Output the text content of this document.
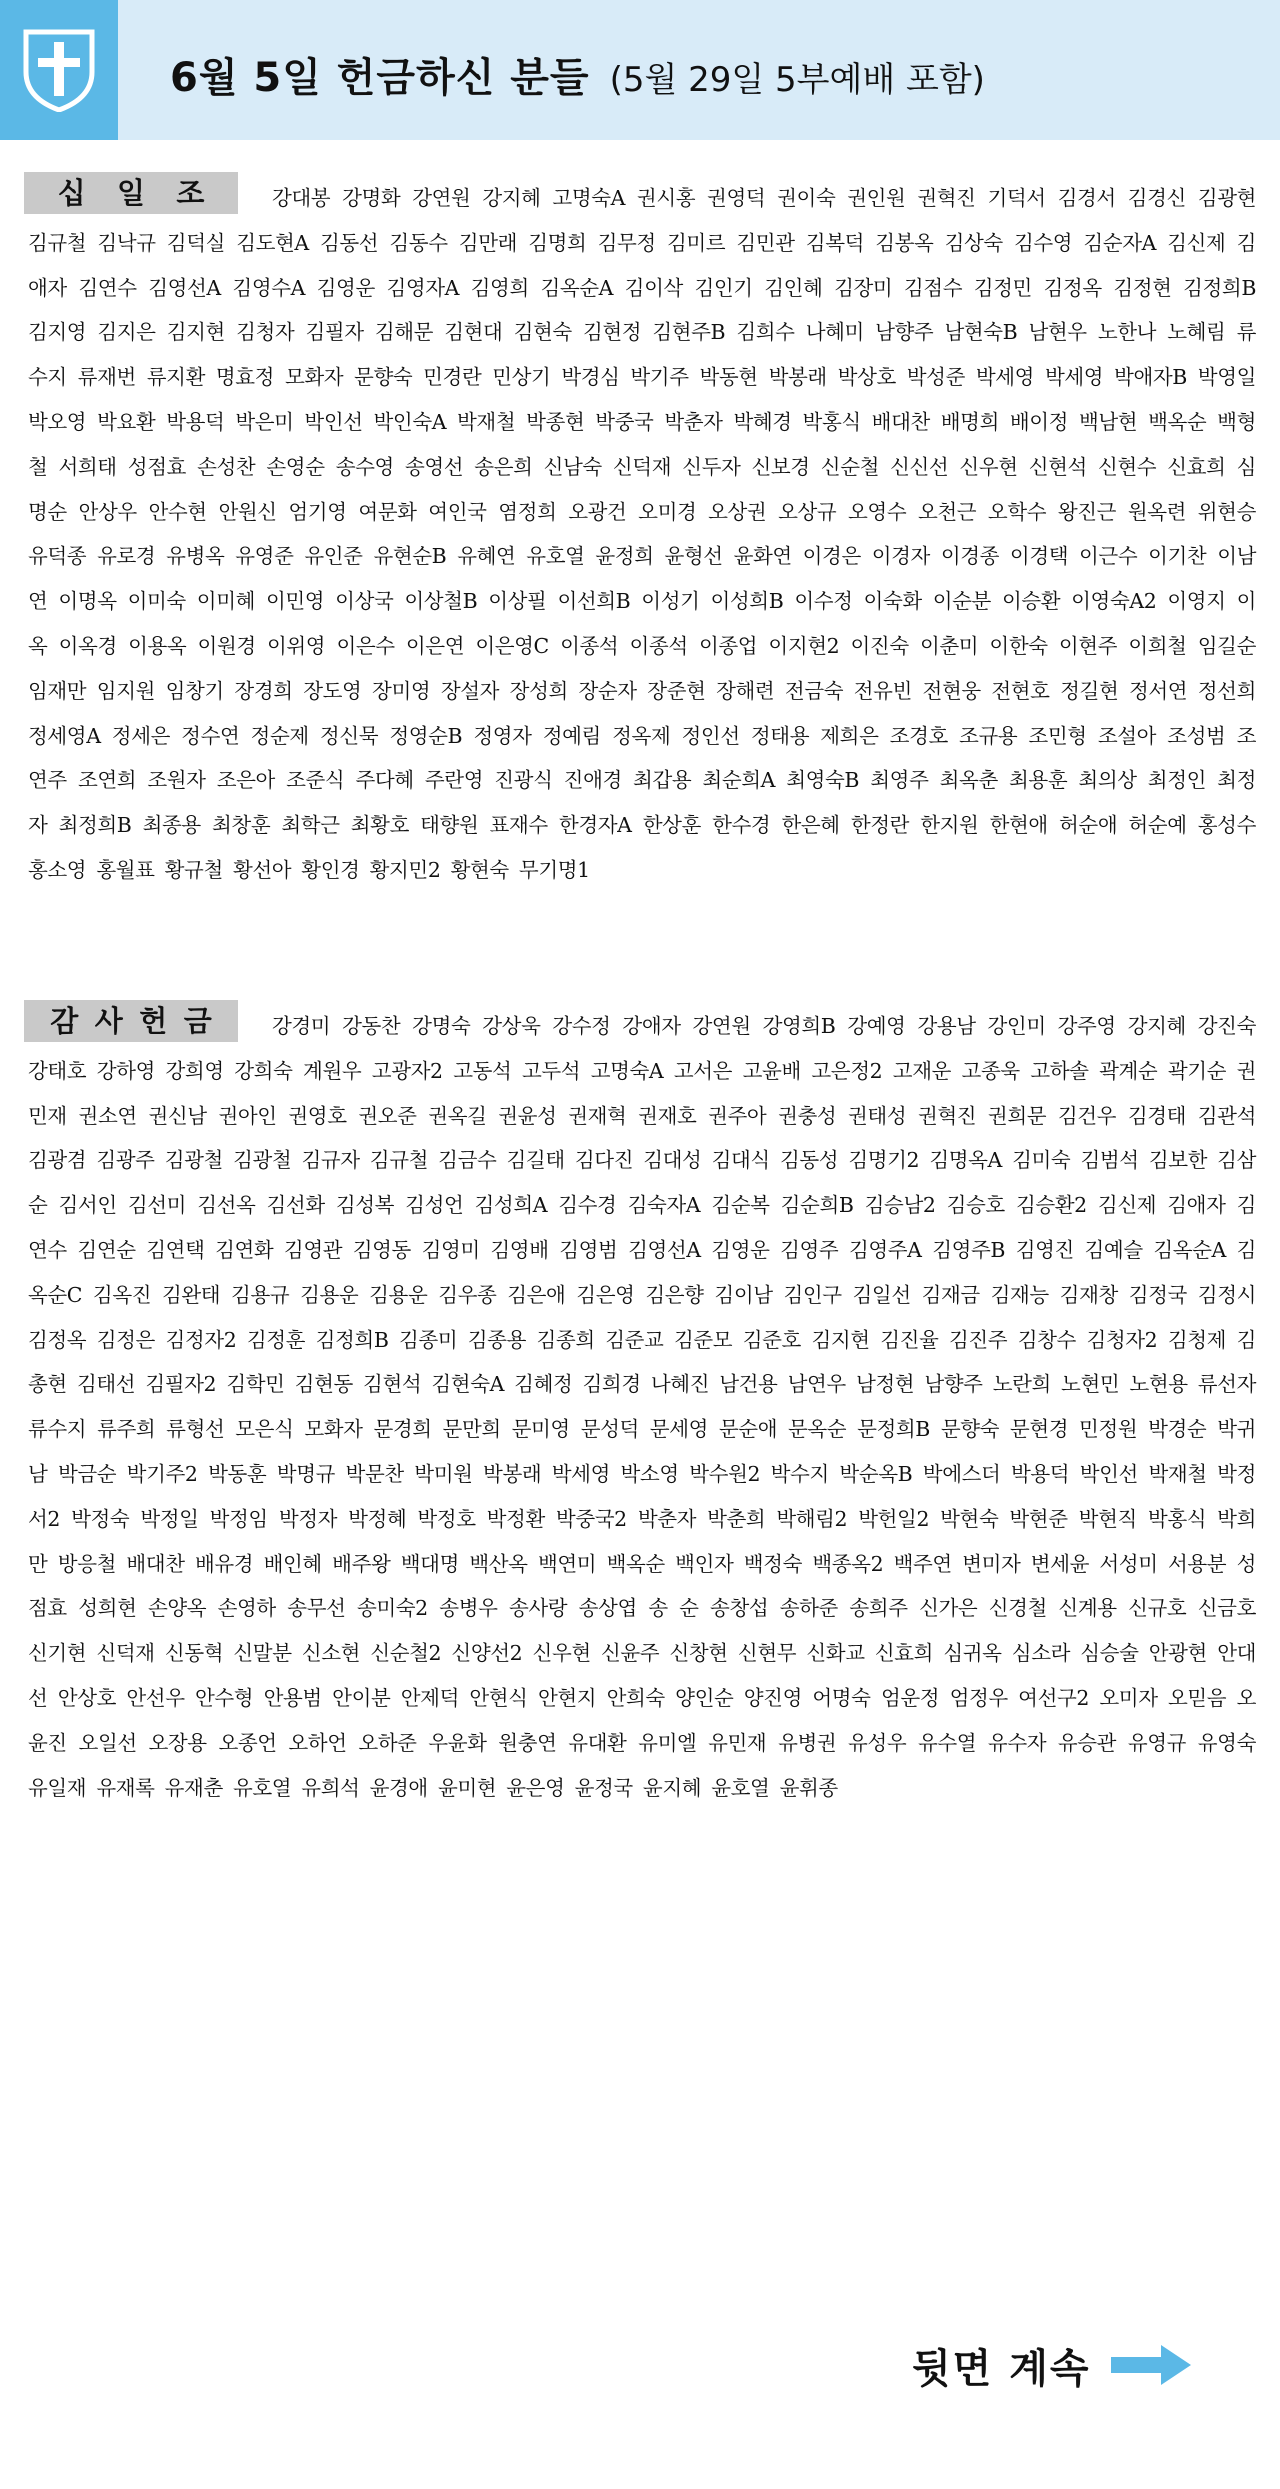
6월 5일 헌금하신 분들 (5월 29일 5부예배 포함)
십 일 조	강대봉 강명화 강연원 강지혜 고명숙A 권시홍 권영덕 권이숙 권인원 권혁진 기덕서 김경서 김경신 김광현 김규철 김낙규 김덕실 김도현A 김동선 김동수 김만래 김명희 김무정 김미르 김민관 김복덕 김봉옥 김상숙 김수영 김순자A 김신제 김애자 김연수 김영선A 김영수A 김영운 김영자A 김영희 김옥순A 김이삭 김인기 김인혜 김장미 김점수 김정민 김정옥 김정현 김정희B 김지영 김지은 김지현 김청자 김필자 김해문 김현대 김현숙 김현정 김현주B 김희수 나혜미 남향주 남현숙B 남현우 노한나 노혜림 류수지 류재번 류지환 명효정 모화자 문향숙 민경란 민상기 박경심 박기주 박동현 박봉래 박상호 박성준 박세영 박세영 박애자B 박영일 박오영 박요환 박용덕 박은미 박인선 박인숙A 박재철 박종현 박중국 박춘자 박혜경 박홍식 배대찬 배명희 배이정 백남현 백옥순 백형철 서희태 성점효 손성찬 손영순 송수영 송영선 송은희 신남숙 신덕재 신두자 신보경 신순철 신신선 신우현 신현석 신현수 신효희 심명순 안상우 안수현 안원신 엄기영 여문화 여인국 염정희 오광건 오미경 오상권 오상규 오영수 오천근 오학수 왕진근 원옥련 위현승 유덕종 유로경 유병옥 유영준 유인준 유현순B 유혜연 유호열 윤정희 윤형선 윤화연 이경은 이경자 이경종 이경택 이근수 이기찬 이남연 이명옥 이미숙 이미혜 이민영 이상국 이상철B 이상필 이선희B 이성기 이성희B 이수정 이숙화 이순분 이승환 이영숙A2 이영지 이 옥 이옥경 이용옥 이원경 이위영 이은수 이은연 이은영C 이종석 이종석 이종업 이지현2 이진숙 이춘미 이한숙 이현주 이희철 임길순 임재만 임지원 임창기 장경희 장도영 장미영 장설자 장성희 장순자 장준현 장해련 전금숙 전유빈 전현웅 전현호 정길현 정서연 정선희 정세영A 정세은 정수연 정순제 정신묵 정영순B 정영자 정예림 정옥제 정인선 정태용 제희은 조경호 조규용 조민형 조설아 조성범 조연주 조연희 조원자 조은아 조준식 주다혜 주란영 진광식 진애경 최갑용 최순희A 최영숙B 최영주 최옥춘 최용훈 최의상 최정인 최정자 최정희B 최종용 최창훈 최학근 최황호 태향원 표재수 한경자A 한상훈 한수경 한은혜 한정란 한지원 한현애 허순애 허순예 홍성수 홍소영 홍월표 황규철 황선아 황인경 황지민2 황현숙 무기명1
감 사 헌 금	강경미 강동찬 강명숙 강상욱 강수정 강애자 강연원 강영희B 강예영 강용남 강인미 강주영 강지혜 강진숙 강태호 강하영 강희영 강희숙 계원우 고광자2 고동석 고두석 고명숙A 고서은 고윤배 고은정2 고재운 고종욱 고하솔 곽계순 곽기순 권민재 권소연 권신남 권아인 권영호 권오준 권옥길 권윤성 권재혁 권재호 권주아 권충성 권태성 권혁진 권희문 김건우 김경태 김관석 김광겸 김광주 김광철 김광철 김규자 김규철 김금수 김길태 김다진 김대성 김대식 김동성 김명기2 김명옥A 김미숙 김범석 김보한 김삼순 김서인 김선미 김선옥 김선화 김성복 김성언 김성희A 김수경 김숙자A 김순복 김순희B 김승남2 김승호 김승환2 김신제 김애자 김연수 김연순 김연택 김연화 김영관 김영동 김영미 김영배 김영범 김영선A 김영운 김영주 김영주A 김영주B 김영진 김예슬 김옥순A 김옥순C 김옥진 김완태 김용규 김용운 김용운 김우종 김은애 김은영 김은향 김이남 김인구 김일선 김재금 김재능 김재창 김정국 김정시 김정옥 김정은 김정자2 김정훈 김정희B 김종미 김종용 김종희 김준교 김준모 김준호 김지현 김진율 김진주 김창수 김청자2 김청제 김총현 김태선 김필자2 김학민 김현동 김현석 김현숙A 김혜정 김희경 나혜진 남건용 남연우 남정현 남향주 노란희 노현민 노현용 류선자 류수지 류주희 류형선 모은식 모화자 문경희 문만희 문미영 문성덕 문세영 문순애 문옥순 문정희B 문향숙 문현경 민정원 박경순 박귀남 박금순 박기주2 박동훈 박명규 박문찬 박미원 박봉래 박세영 박소영 박수원2 박수지 박순옥B 박에스더 박용덕 박인선 박재철 박정서2 박정숙 박정일 박정임 박정자 박정혜 박정호 박정환 박중국2 박춘자 박춘희 박해림2 박헌일2 박현숙 박현준 박현직 박홍식 박희만 방응철 배대찬 배유경 배인혜 배주왕 백대명 백산옥 백연미 백옥순 백인자 백정숙 백종옥2 백주연 변미자 변세윤 서성미 서용분 성점효 성희현 손양옥 손영하 송무선 송미숙2 송병우 송사랑 송상엽 송 순 송창섭 송하준 송희주 신가은 신경철 신계용 신규호 신금호 신기현 신덕재 신동혁 신말분 신소현 신순철2 신양선2 신우현 신윤주 신창현 신현무 신화교 신효희 심귀옥 심소라 심승술 안광현 안대선 안상호 안선우 안수형 안용범 안이분 안제덕 안현식 안현지 안희숙 양인순 양진영 어명숙 엄운정 엄정우 여선구2 오미자 오믿음 오윤진 오일선 오장용 오종언 오하언 오하준 우윤화 원충연 유대환 유미엘 유민재 유병권 유성우 유수열 유수자 유승관 유영규 유영숙 유일재 유재록 유재춘 유호열 유희석 윤경애 윤미현 윤은영 윤정국 윤지혜 윤호열 윤휘종
뒷면 계속
